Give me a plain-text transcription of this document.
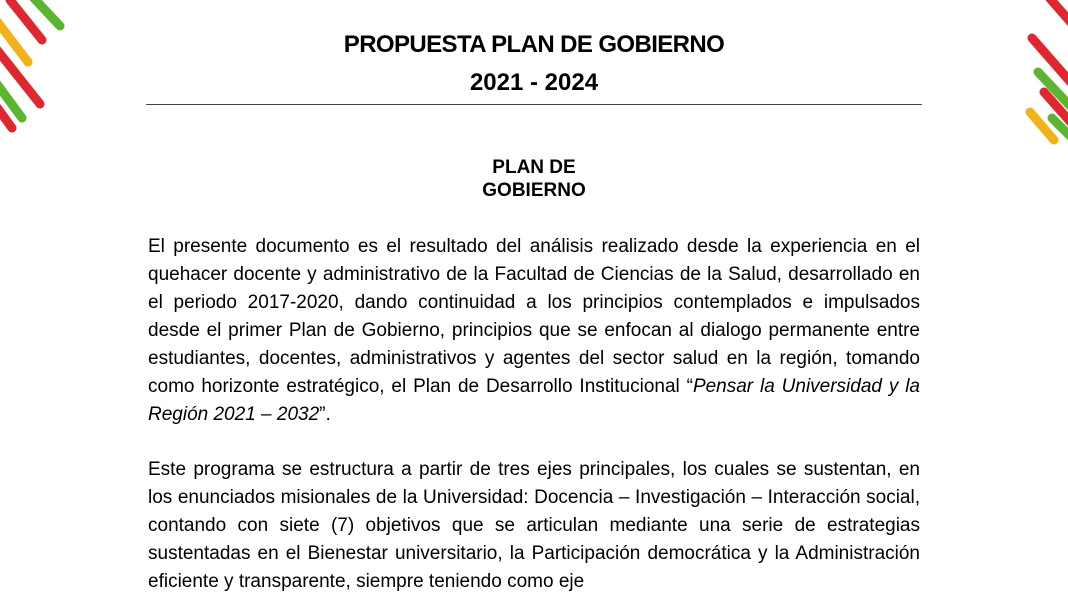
PROPUESTA PLAN DE GOBIERNO
2021 - 2024
PLAN DE
GOBIERNO

El presente documento es el resultado del análisis realizado desde la experiencia en el quehacer docente y administrativo de la Facultad de Ciencias de la Salud, desarrollado en el periodo 2017-2020, dando continuidad a los principios contemplados e impulsados desde el primer Plan de Gobierno, principios que se enfocan al dialogo permanente entre estudiantes, docentes, administrativos y agentes del sector salud en la región, tomando como horizonte estratégico, el Plan de Desarrollo Institucional “Pensar la Universidad y la Región 2021 – 2032”.

Este programa se estructura a partir de tres ejes principales, los cuales se sustentan, en los enunciados misionales de la Universidad: Docencia – Investigación – Interacción social, contando con siete (7) objetivos que se articulan mediante una serie de estrategias sustentadas en el Bienestar universitario, la Participación democrática y la Administración eficiente y transparente, siempre teniendo como eje
